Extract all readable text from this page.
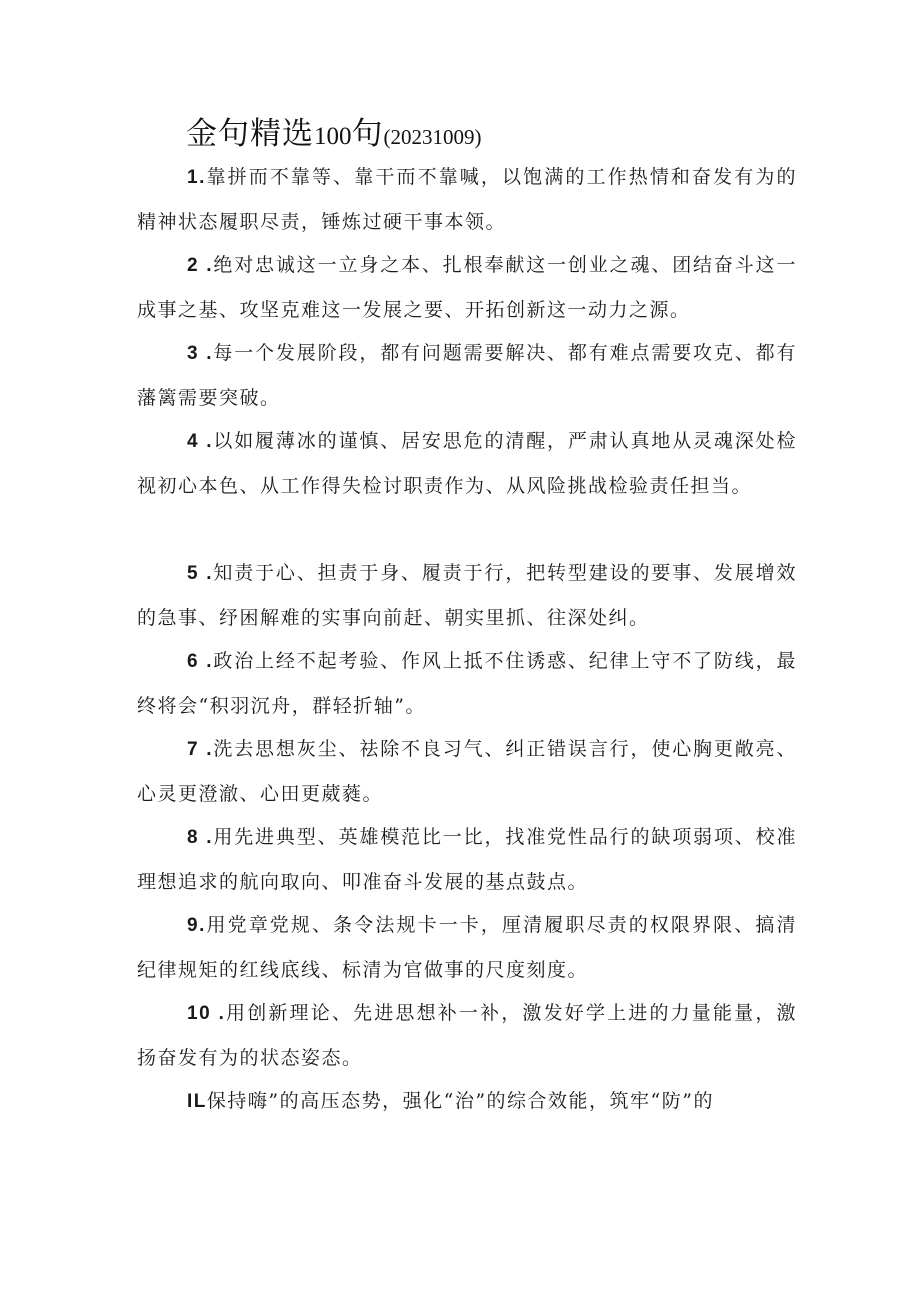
金句精选100句(20231009)

1.靠拼而不靠等、靠干而不靠喊，以饱满的工作热情和奋发有为的精神状态履职尽责，锤炼过硬干事本领。

2 .绝对忠诚这一立身之本、扎根奉献这一创业之魂、团结奋斗这一成事之基、攻坚克难这一发展之要、开拓创新这一动力之源。

3 .每一个发展阶段，都有问题需要解决、都有难点需要攻克、都有藩篱需要突破。

4 .以如履薄冰的谨慎、居安思危的清醒，严肃认真地从灵魂深处检视初心本色、从工作得失检讨职责作为、从风险挑战检验责任担当。

5 .知责于心、担责于身、履责于行，把转型建设的要事、发展增效的急事、纾困解难的实事向前赶、朝实里抓、往深处纠。

6 .政治上经不起考验、作风上抵不住诱惑、纪律上守不了防线，最终将会“积羽沉舟，群轻折轴”。

7 .洗去思想灰尘、祛除不良习气、纠正错误言行，使心胸更敞亮、心灵更澄澈、心田更葳蕤。

8 .用先进典型、英雄模范比一比，找准党性品行的缺项弱项、校准理想追求的航向取向、叩准奋斗发展的基点鼓点。

9.用党章党规、条令法规卡一卡，厘清履职尽责的权限界限、搞清纪律规矩的红线底线、标清为官做事的尺度刻度。

10 .用创新理论、先进思想补一补，激发好学上进的力量能量，激扬奋发有为的状态姿态。

IL保持嗨”的高压态势，强化“治”的综合效能，筑牢“防”的
